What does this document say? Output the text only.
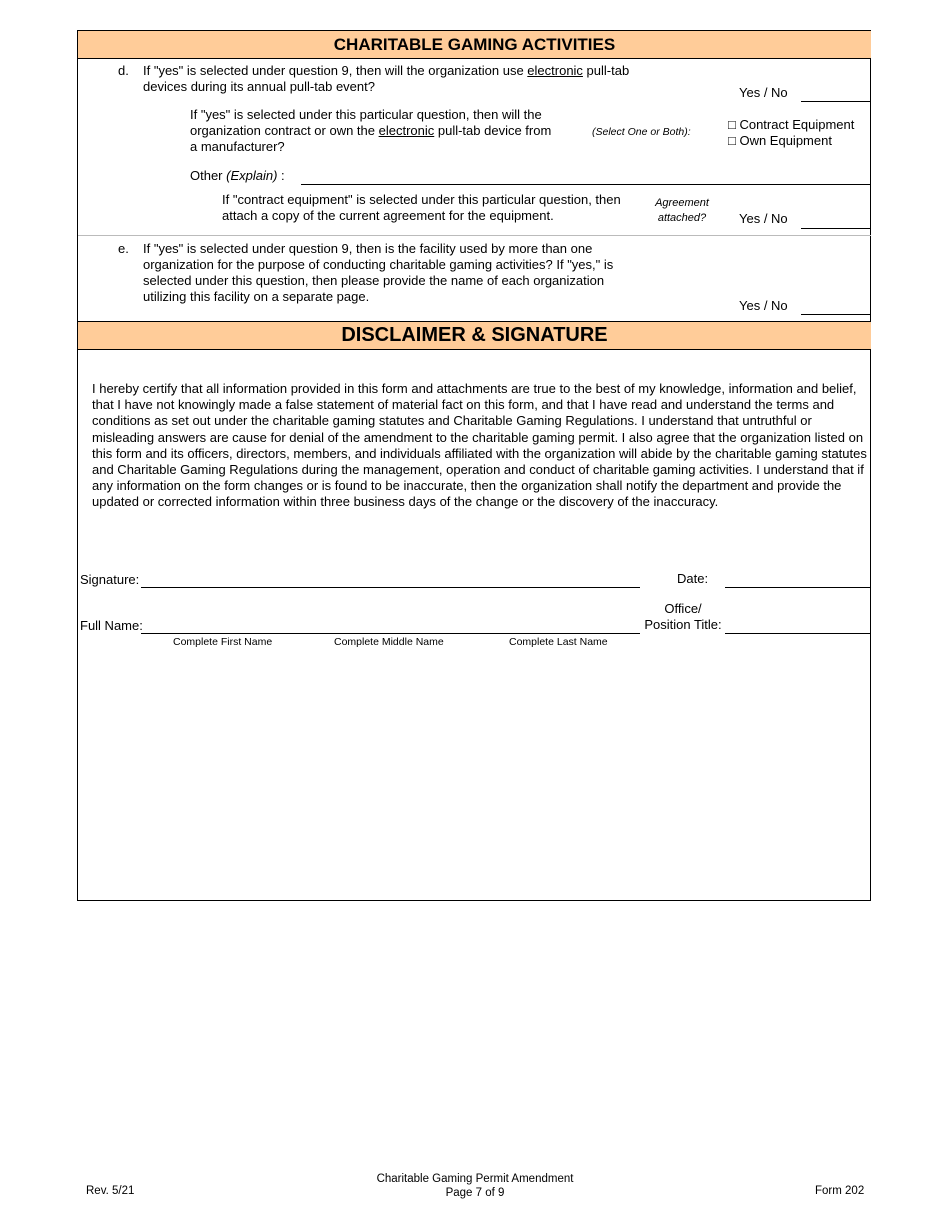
CHARITABLE GAMING ACTIVITIES
d. If "yes" is selected under question 9, then will the organization use electronic pull-tab
devices during its annual pull-tab event?	Yes / No
If "yes" is selected under this particular question, then will the
organization contract or own the electronic pull-tab device from
a manufacturer?
(Select One or Both):	□ Contract Equipment
□ Own Equipment
Other (Explain) :
If "contract equipment" is selected under this particular question, then
attach a copy of the current agreement for the equipment.
Agreement
attached?	Yes / No
e. If "yes" is selected under question 9, then is the facility used by more than one
organization for the purpose of conducting charitable gaming activities? If "yes," is
selected under this question, then please provide the name of each organization
utilizing this facility on a separate page.
Yes / No
DISCLAIMER & SIGNATURE
I hereby certify that all information provided in this form and attachments are true to the best of my knowledge, information and belief, that I have not knowingly made a false statement of material fact on this form, and that I have read and understand the terms and conditions as set out under the charitable gaming statutes and Charitable Gaming Regulations. I understand that untruthful or misleading answers are cause for denial of the amendment to the charitable gaming permit. I also agree that the organization listed on this form and its officers, directors, members, and individuals affiliated with the organization will abide by the charitable gaming statutes and Charitable Gaming Regulations during the management, operation and conduct of charitable gaming activities. I understand that if any information on the form changes or is found to be inaccurate, then the organization shall notify the department and provide the updated or corrected information within three business days of the change or the discovery of the inaccuracy.
Signature:	Date:
Full Name:
Office/
Position Title:
Complete First Name	Complete Middle Name	Complete Last Name
Rev. 5/21
Charitable Gaming Permit Amendment
Page 7 of 9	Form 202
